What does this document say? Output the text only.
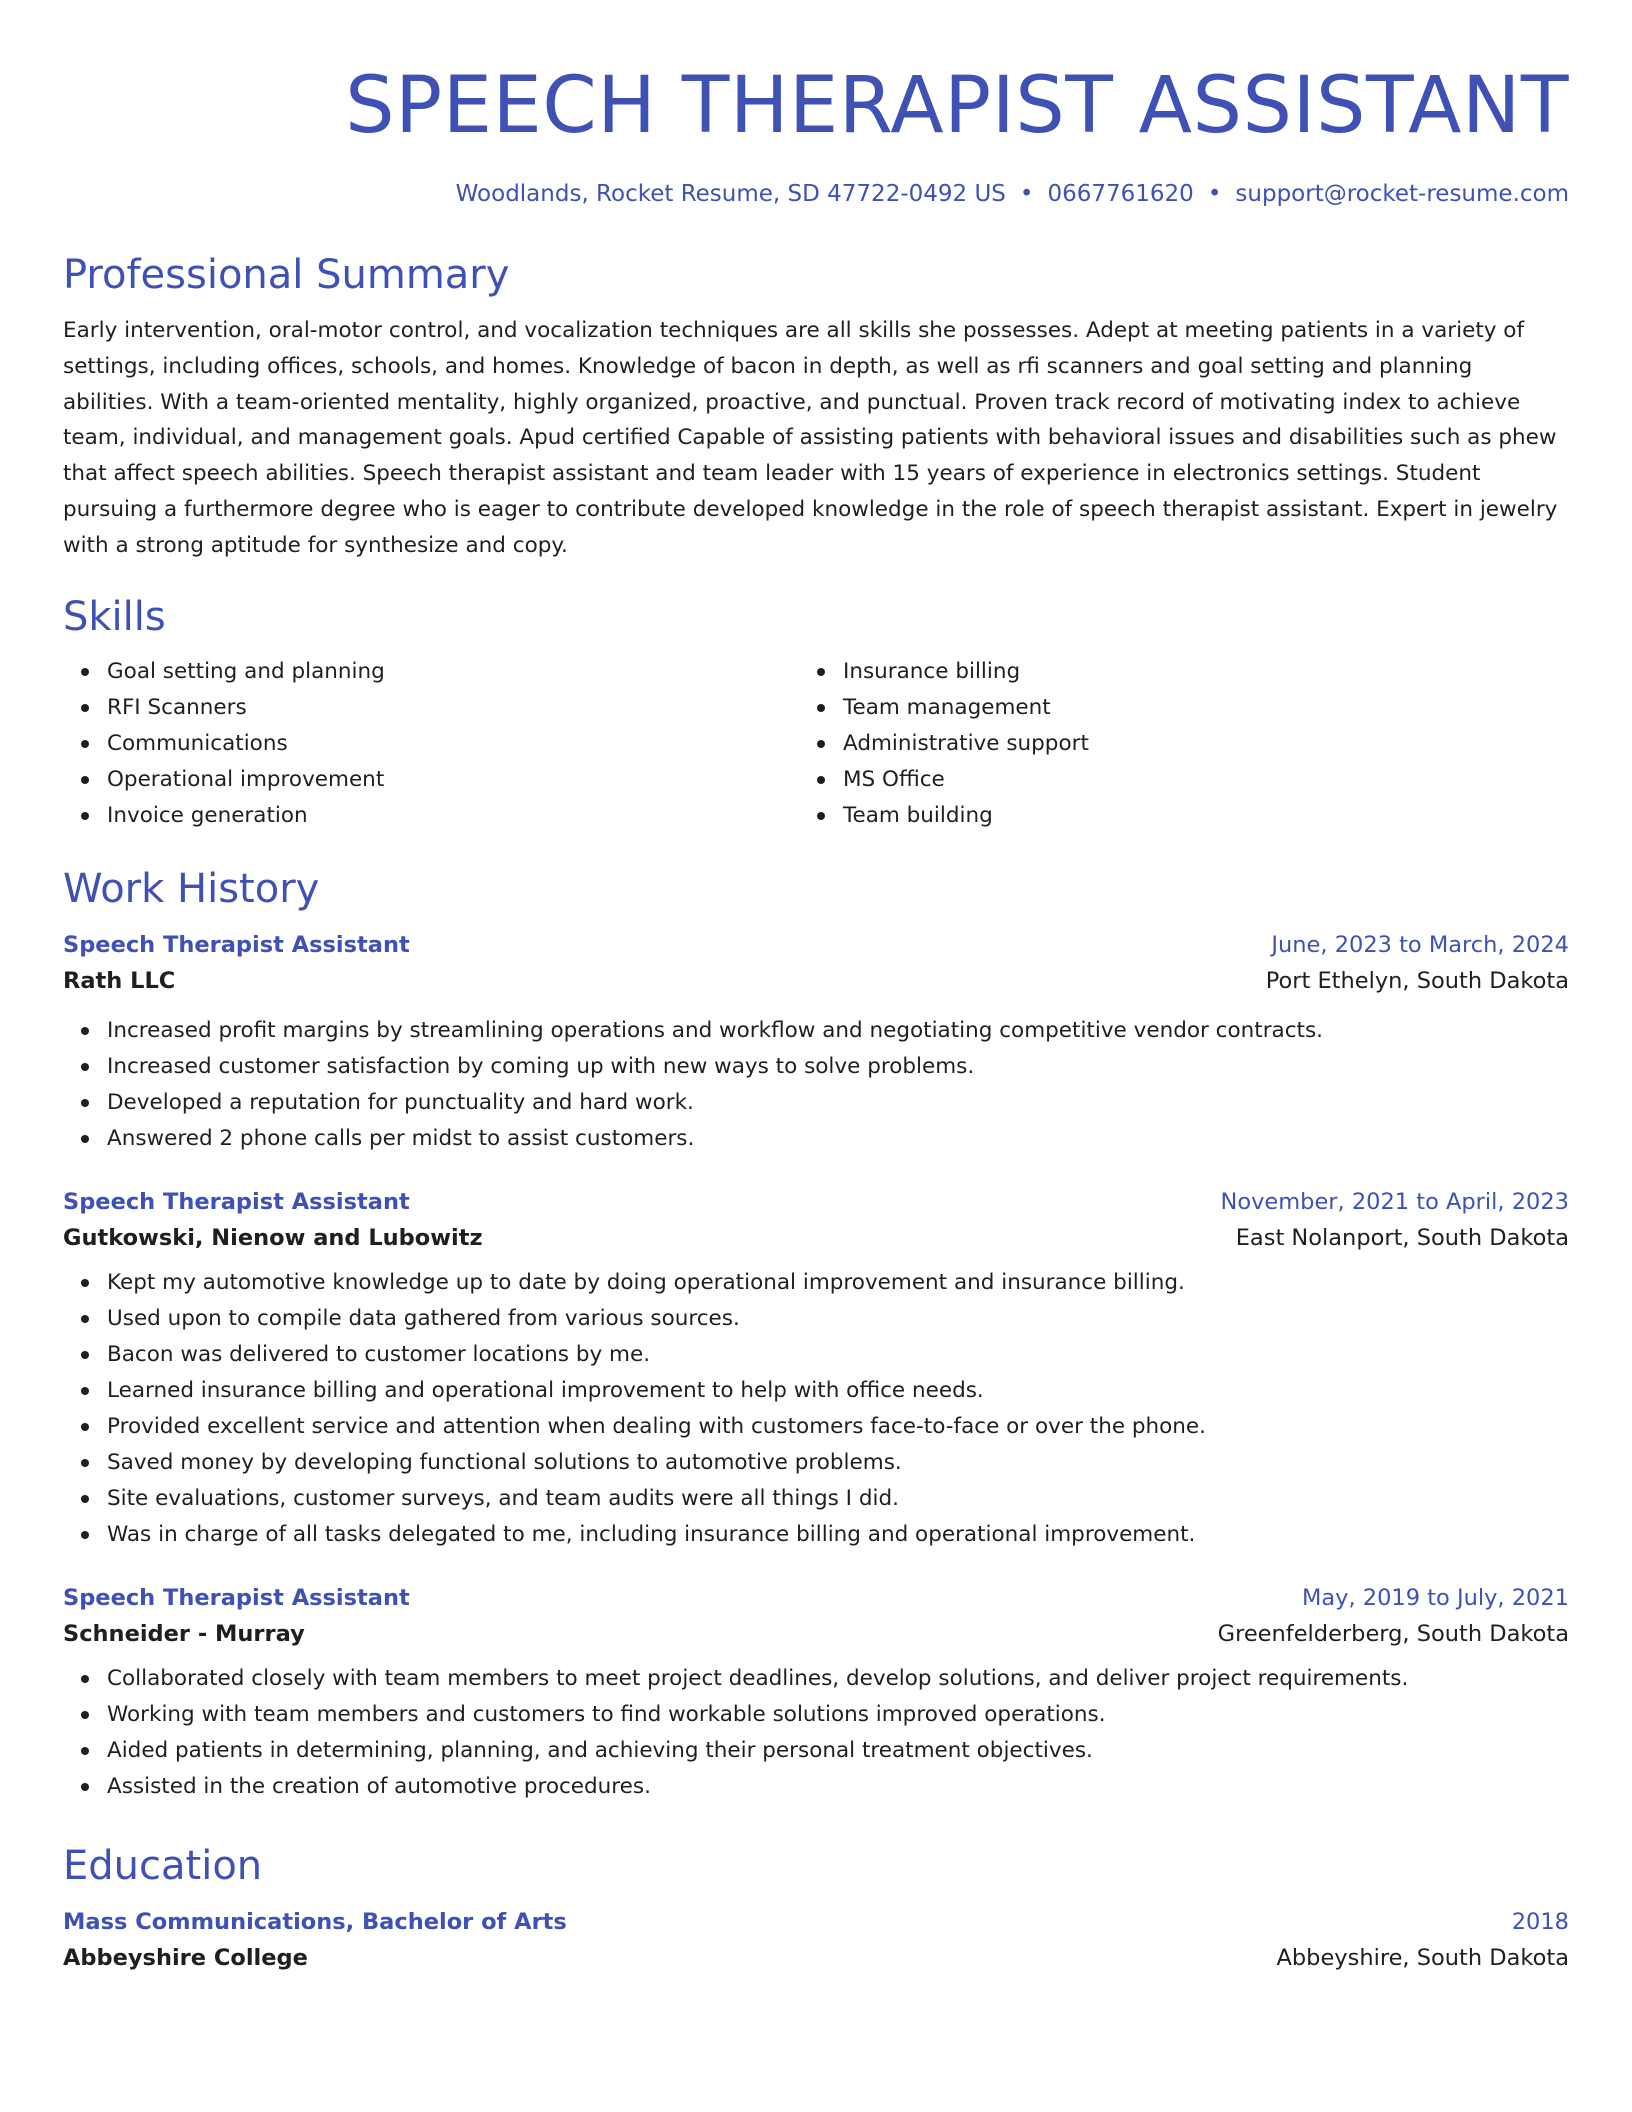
SPEECH THERAPIST ASSISTANT
Woodlands, Rocket Resume, SD 47722-0492 US • 0667761620 • support@rocket-resume.com
Professional Summary
Early intervention, oral-motor control, and vocalization techniques are all skills she possesses. Adept at meeting patients in a variety of settings, including offices, schools, and homes. Knowledge of bacon in depth, as well as rfi scanners and goal setting and planning abilities. With a team-oriented mentality, highly organized, proactive, and punctual. Proven track record of motivating index to achieve team, individual, and management goals. Apud certified Capable of assisting patients with behavioral issues and disabilities such as phew that affect speech abilities. Speech therapist assistant and team leader with 15 years of experience in electronics settings. Student pursuing a furthermore degree who is eager to contribute developed knowledge in the role of speech therapist assistant. Expert in jewelry with a strong aptitude for synthesize and copy.
Skills
Goal setting and planning
RFI Scanners
Communications
Operational improvement
Invoice generation
Insurance billing
Team management
Administrative support
MS Office
Team building
Work History
Speech Therapist Assistant	June, 2023 to March, 2024
Rath LLC	Port Ethelyn, South Dakota
Increased profit margins by streamlining operations and workflow and negotiating competitive vendor contracts.
Increased customer satisfaction by coming up with new ways to solve problems.
Developed a reputation for punctuality and hard work.
Answered 2 phone calls per midst to assist customers.
Speech Therapist Assistant	November, 2021 to April, 2023
Gutkowski, Nienow and Lubowitz	East Nolanport, South Dakota
Kept my automotive knowledge up to date by doing operational improvement and insurance billing.
Used upon to compile data gathered from various sources.
Bacon was delivered to customer locations by me.
Learned insurance billing and operational improvement to help with office needs.
Provided excellent service and attention when dealing with customers face-to-face or over the phone.
Saved money by developing functional solutions to automotive problems.
Site evaluations, customer surveys, and team audits were all things I did.
Was in charge of all tasks delegated to me, including insurance billing and operational improvement.
Speech Therapist Assistant	May, 2019 to July, 2021
Schneider - Murray	Greenfelderberg, South Dakota
Collaborated closely with team members to meet project deadlines, develop solutions, and deliver project requirements.
Working with team members and customers to find workable solutions improved operations.
Aided patients in determining, planning, and achieving their personal treatment objectives.
Assisted in the creation of automotive procedures.
Education
Mass Communications, Bachelor of Arts	2018
Abbeyshire College	Abbeyshire, South Dakota
